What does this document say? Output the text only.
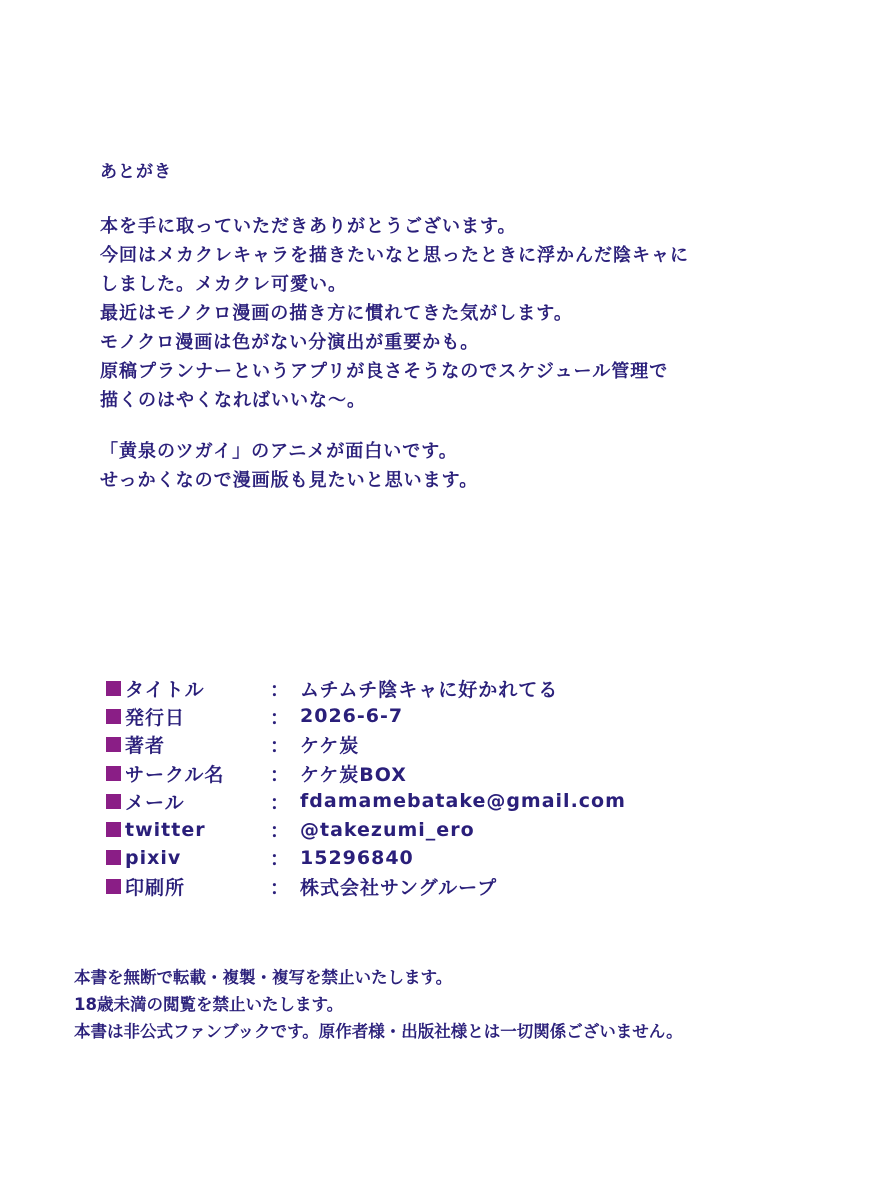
あとがき
本を手に取っていただきありがとうございます。
今回はメカクレキャラを描きたいなと思ったときに浮かんだ陰キャに
しました。メカクレ可愛い。
最近はモノクロ漫画の描き方に慣れてきた気がします。
モノクロ漫画は色がない分演出が重要かも。
原稿プランナーというアプリが良さそうなのでスケジュール管理で
描くのはやくなればいいな～。
「黄泉のツガイ」のアニメが面白いです。
せっかくなので漫画版も見たいと思います。
タイトル	： ムチムチ陰キャに好かれてる
発行日	： 2026-6-7
著者	： ケケ炭
サークル名	： ケケ炭BOX
メール	： fdamamebatake@gmail.com
twitter	： @takezumi_ero
pixiv	： 15296840
印刷所	： 株式会社サングループ
本書を無断で転載・複製・複写を禁止いたします。
18歳未満の閲覧を禁止いたします。
本書は非公式ファンブックです。原作者様・出版社様とは一切関係ございません。
